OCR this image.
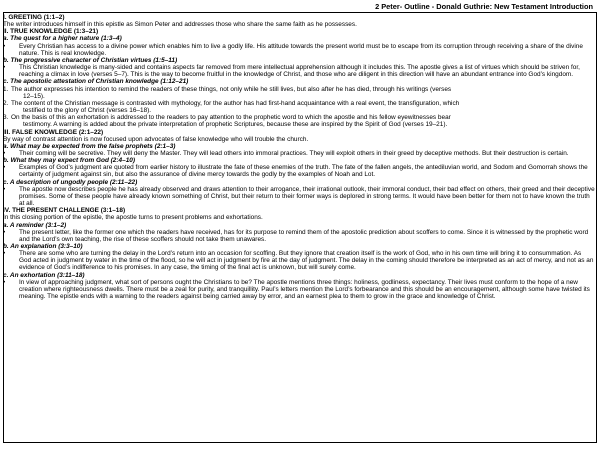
2 Peter- Outline - Donald Guthrie: New Testament Introduction
I. GREETING (1:1–2)
The writer introduces himself in this epistle as Simon Peter and addresses those who share the same faith as he possesses.
II. TRUE KNOWLEDGE (1:3–21)
a. The quest for a higher nature (1:3–4)
•	Every Christian has access to a divine power which enables him to live a godly life. His attitude towards the present world must be to escape from its corruption through receiving a share of the divine nature. This is real knowledge.
b. The progressive character of Christian virtues (1:5–11)
•	This Christian knowledge is many-sided and contains aspects far removed from mere intellectual apprehension although it includes this. The apostle gives a list of virtues which should be striven for, reaching a climax in love (verses 5–7). This is the way to become fruitful in the knowledge of Christ, and those who are diligent in this direction will have an abundant entrance into God’s kingdom.
c. The apostolic attestation of Christian knowledge (1:12–21)
1. The author expresses his intention to remind the readers of these things, not only while he still lives, but also after he has died, through his writings (verses
12–15).
2. The content of the Christian message is contrasted with mythology, for the author has had first-hand acquaintance with a real event, the transfiguration, which
testified to the glory of Christ (verses 16–18).
3. On the basis of this an exhortation is addressed to the readers to pay attention to the prophetic word to which the apostle and his fellow eyewitnesses bear
testimony. A warning is added about the private interpretation of prophetic Scriptures, because these are inspired by the Spirit of God (verses 19–21).
III. FALSE KNOWLEDGE (2:1–22)
By way of contrast attention is now focused upon advocates of false knowledge who will trouble the church.
a. What may be expected from the false prophets (2:1–3)
•	Their coming will be secretive. They will deny the Master. They will lead others into immoral practices. They will exploit others in their greed by deceptive methods. But their destruction is certain.
b. What they may expect from God (2:4–10)
•	Examples of God’s judgment are quoted from earlier history to illustrate the fate of these enemies of the truth. The fate of the fallen angels, the antediluvian world, and Sodom and Gomorrah shows the certainty of judgment against sin, but also the assurance of divine mercy towards the godly by the examples of Noah and Lot.
c. A description of ungodly people (2:11–22)
•	The apostle now describes people he has already observed and draws attention to their arrogance, their irrational outlook, their immoral conduct, their bad effect on others, their greed and their deceptive promises. Some of these people have already known something of Christ, but their return to their former ways is deplored in strong terms. It would have been better for them not to have known the truth at all.
IV. THE PRESENT CHALLENGE (3:1–18)
In this closing portion of the epistle, the apostle turns to present problems and exhortations.
a. A reminder (3:1–2)
•	The present letter, like the former one which the readers have received, has for its purpose to remind them of the apostolic prediction about scoffers to come. Since it is witnessed by the prophetic word and the Lord’s own teaching, the rise of these scoffers should not take them unawares.
b. An explanation (3:3–10)
•	There are some who are turning the delay in the Lord’s return into an occasion for scoffing. But they ignore that creation itself is the work of God, who in his own time will bring it to consummation. As God acted in judgment by water in the time of the flood, so he will act in judgment by fire at the day of judgment. The delay in the coming should therefore be interpreted as an act of mercy, and not as an evidence of God’s indifference to his promises. In any case, the timing of the final act is unknown, but will surely come.
c. An exhortation (3:11–18)
•	In view of approaching judgment, what sort of persons ought the Christians to be? The apostle mentions three things: holiness, godliness, expectancy. Their lives must conform to the hope of a new creation where righteousness dwells. There must be a zeal for purity, and tranquillity. Paul’s letters mention the Lord’s forbearance and this should be an encouragement, although some have twisted its meaning. The epistle ends with a warning to the readers against being carried away by error, and an earnest plea to them to grow in the grace and knowledge of Christ.
